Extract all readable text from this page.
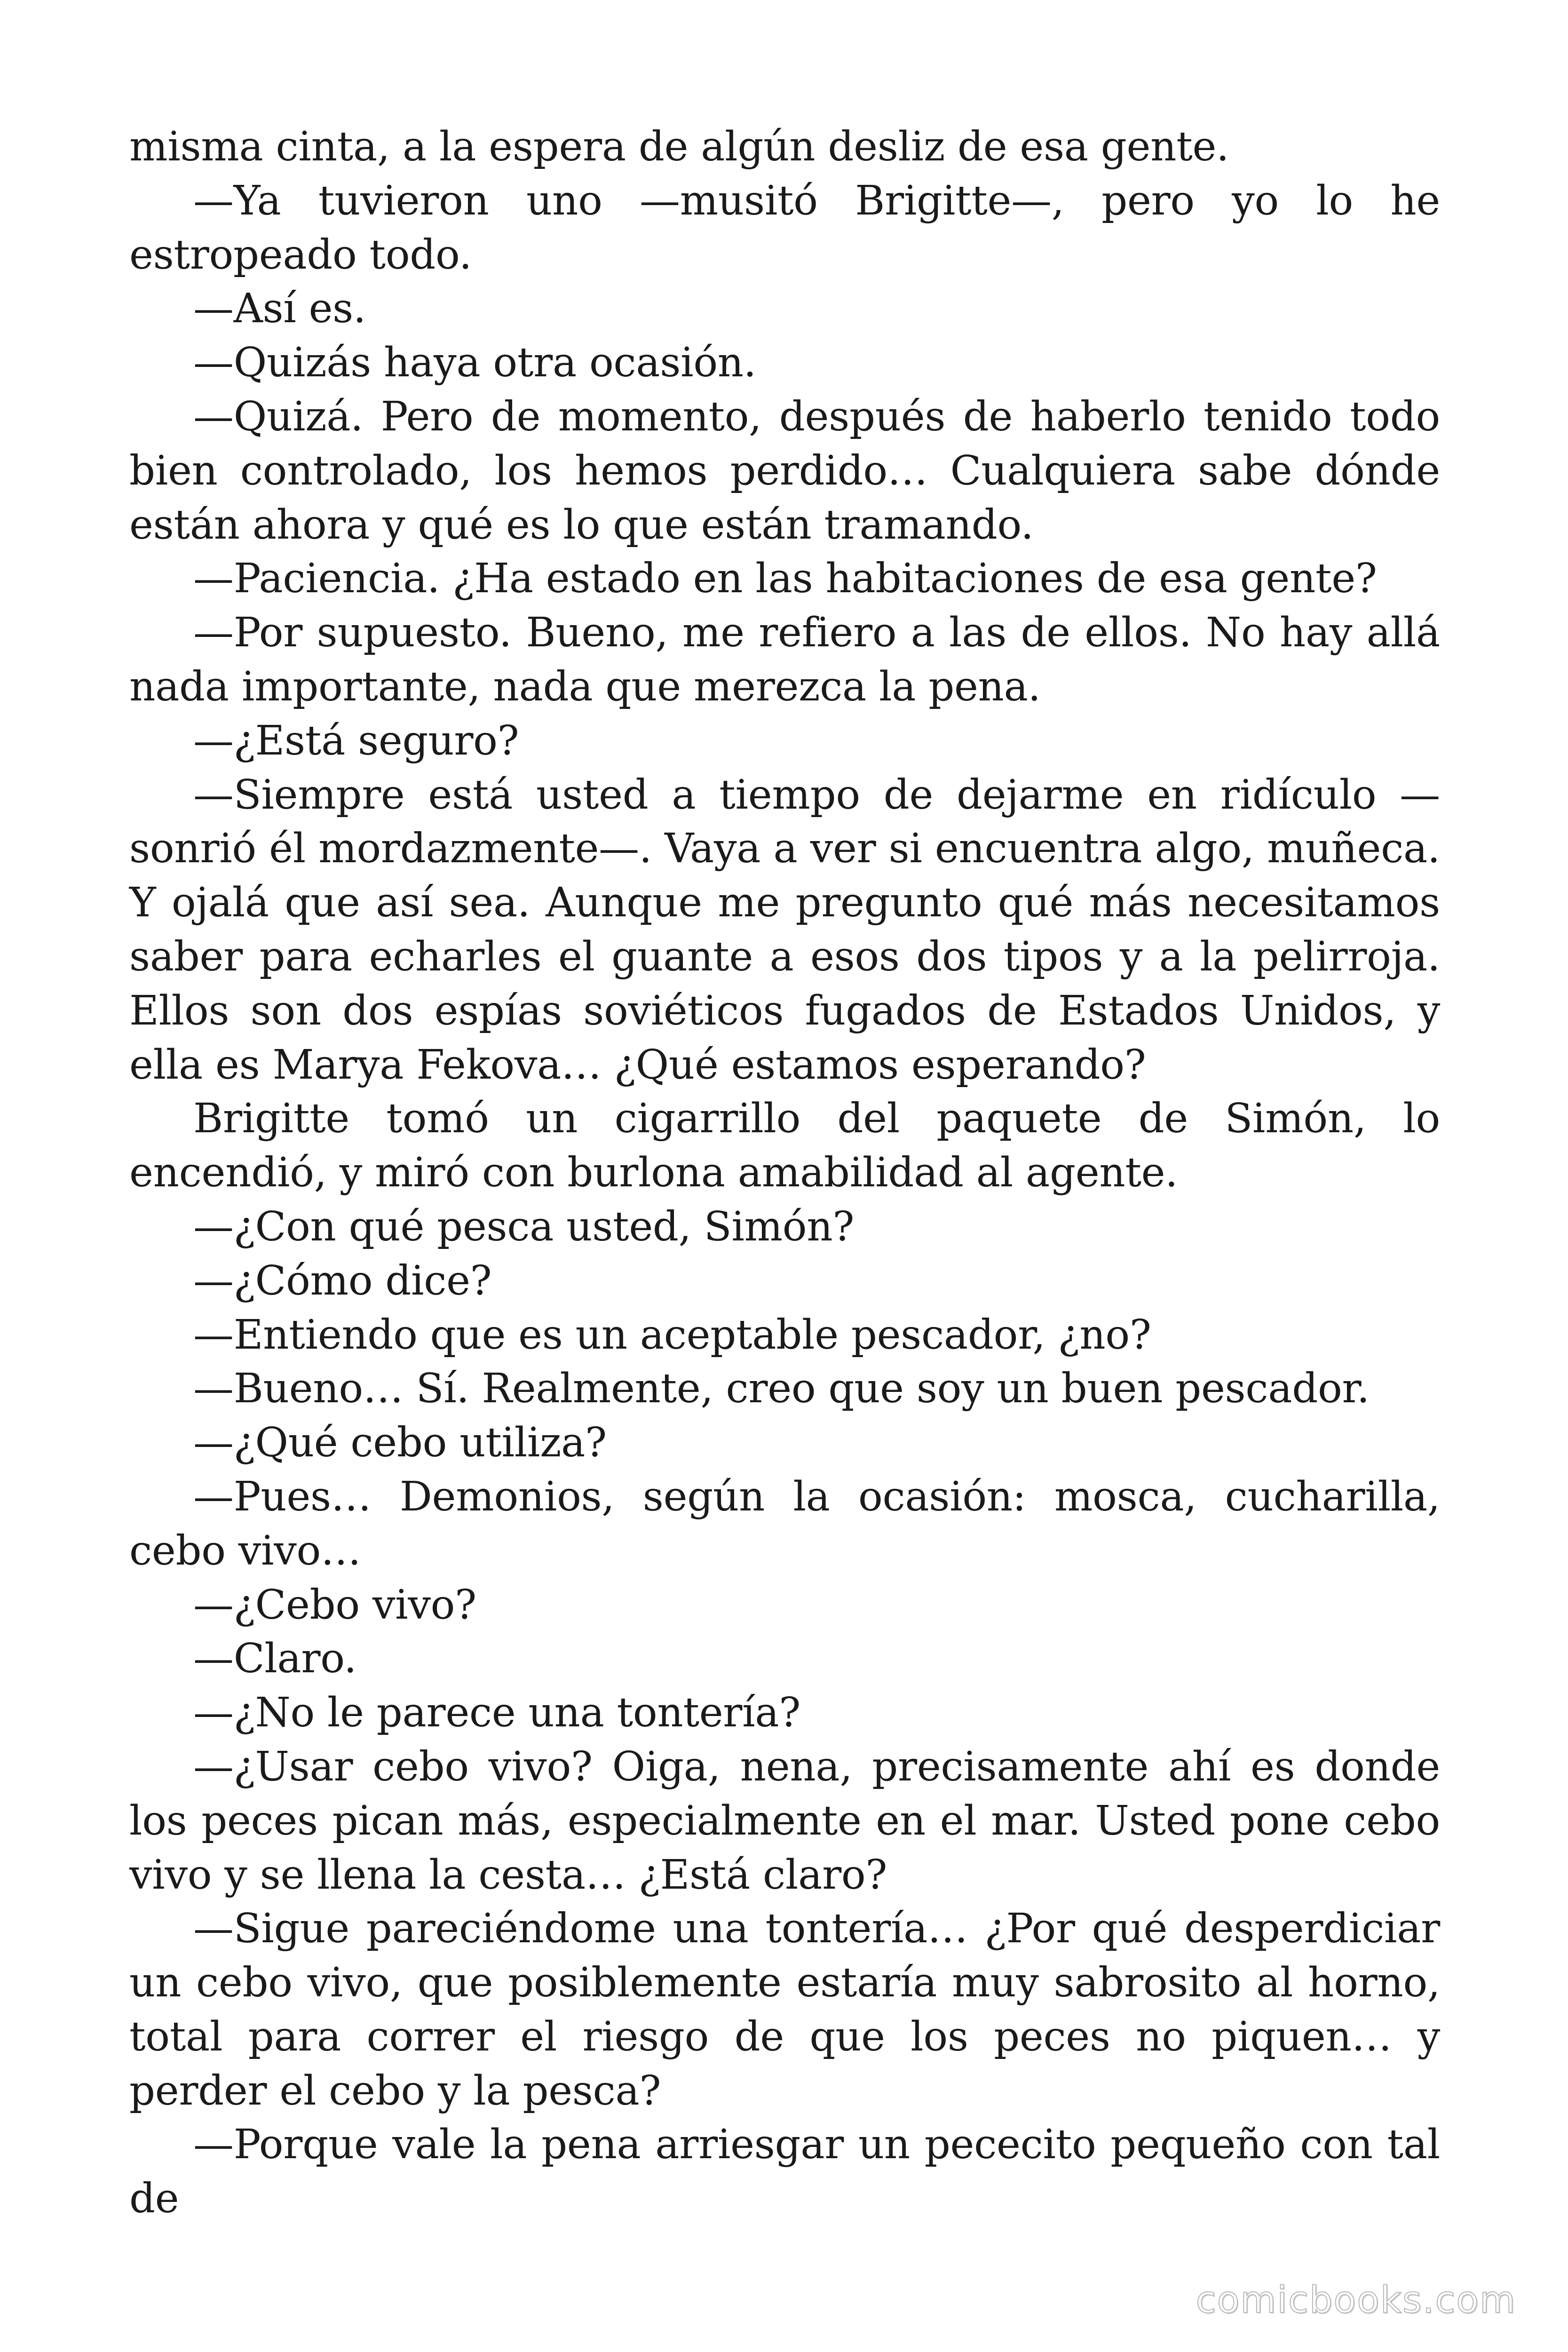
misma cinta, a la espera de algún desliz de esa gente.

—Ya tuvieron uno —musitó Brigitte—, pero yo lo he estropeado todo.

—Así es.

—Quizás haya otra ocasión.

—Quizá. Pero de momento, después de haberlo tenido todo bien controlado, los hemos perdido… Cualquiera sabe dónde están ahora y qué es lo que están tramando.

—Paciencia. ¿Ha estado en las habitaciones de esa gente?

—Por supuesto. Bueno, me refiero a las de ellos. No hay allá nada importante, nada que merezca la pena.

—¿Está seguro?

—Siempre está usted a tiempo de dejarme en ridículo —sonrió él mordazmente—. Vaya a ver si encuentra algo, muñeca. Y ojalá que así sea. Aunque me pregunto qué más necesitamos saber para echarles el guante a esos dos tipos y a la pelirroja. Ellos son dos espías soviéticos fugados de Estados Unidos, y ella es Marya Fekova… ¿Qué estamos esperando?

Brigitte tomó un cigarrillo del paquete de Simón, lo encendió, y miró con burlona amabilidad al agente.

—¿Con qué pesca usted, Simón?

—¿Cómo dice?

—Entiendo que es un aceptable pescador, ¿no?

—Bueno… Sí. Realmente, creo que soy un buen pescador.

—¿Qué cebo utiliza?

—Pues… Demonios, según la ocasión: mosca, cucharilla, cebo vivo…

—¿Cebo vivo?

—Claro.

—¿No le parece una tontería?

—¿Usar cebo vivo? Oiga, nena, precisamente ahí es donde los peces pican más, especialmente en el mar. Usted pone cebo vivo y se llena la cesta… ¿Está claro?

—Sigue pareciéndome una tontería… ¿Por qué desperdiciar un cebo vivo, que posiblemente estaría muy sabrosito al horno, total para correr el riesgo de que los peces no piquen… y perder el cebo y la pesca?

—Porque vale la pena arriesgar un pececito pequeño con tal de

comicbooks.com
